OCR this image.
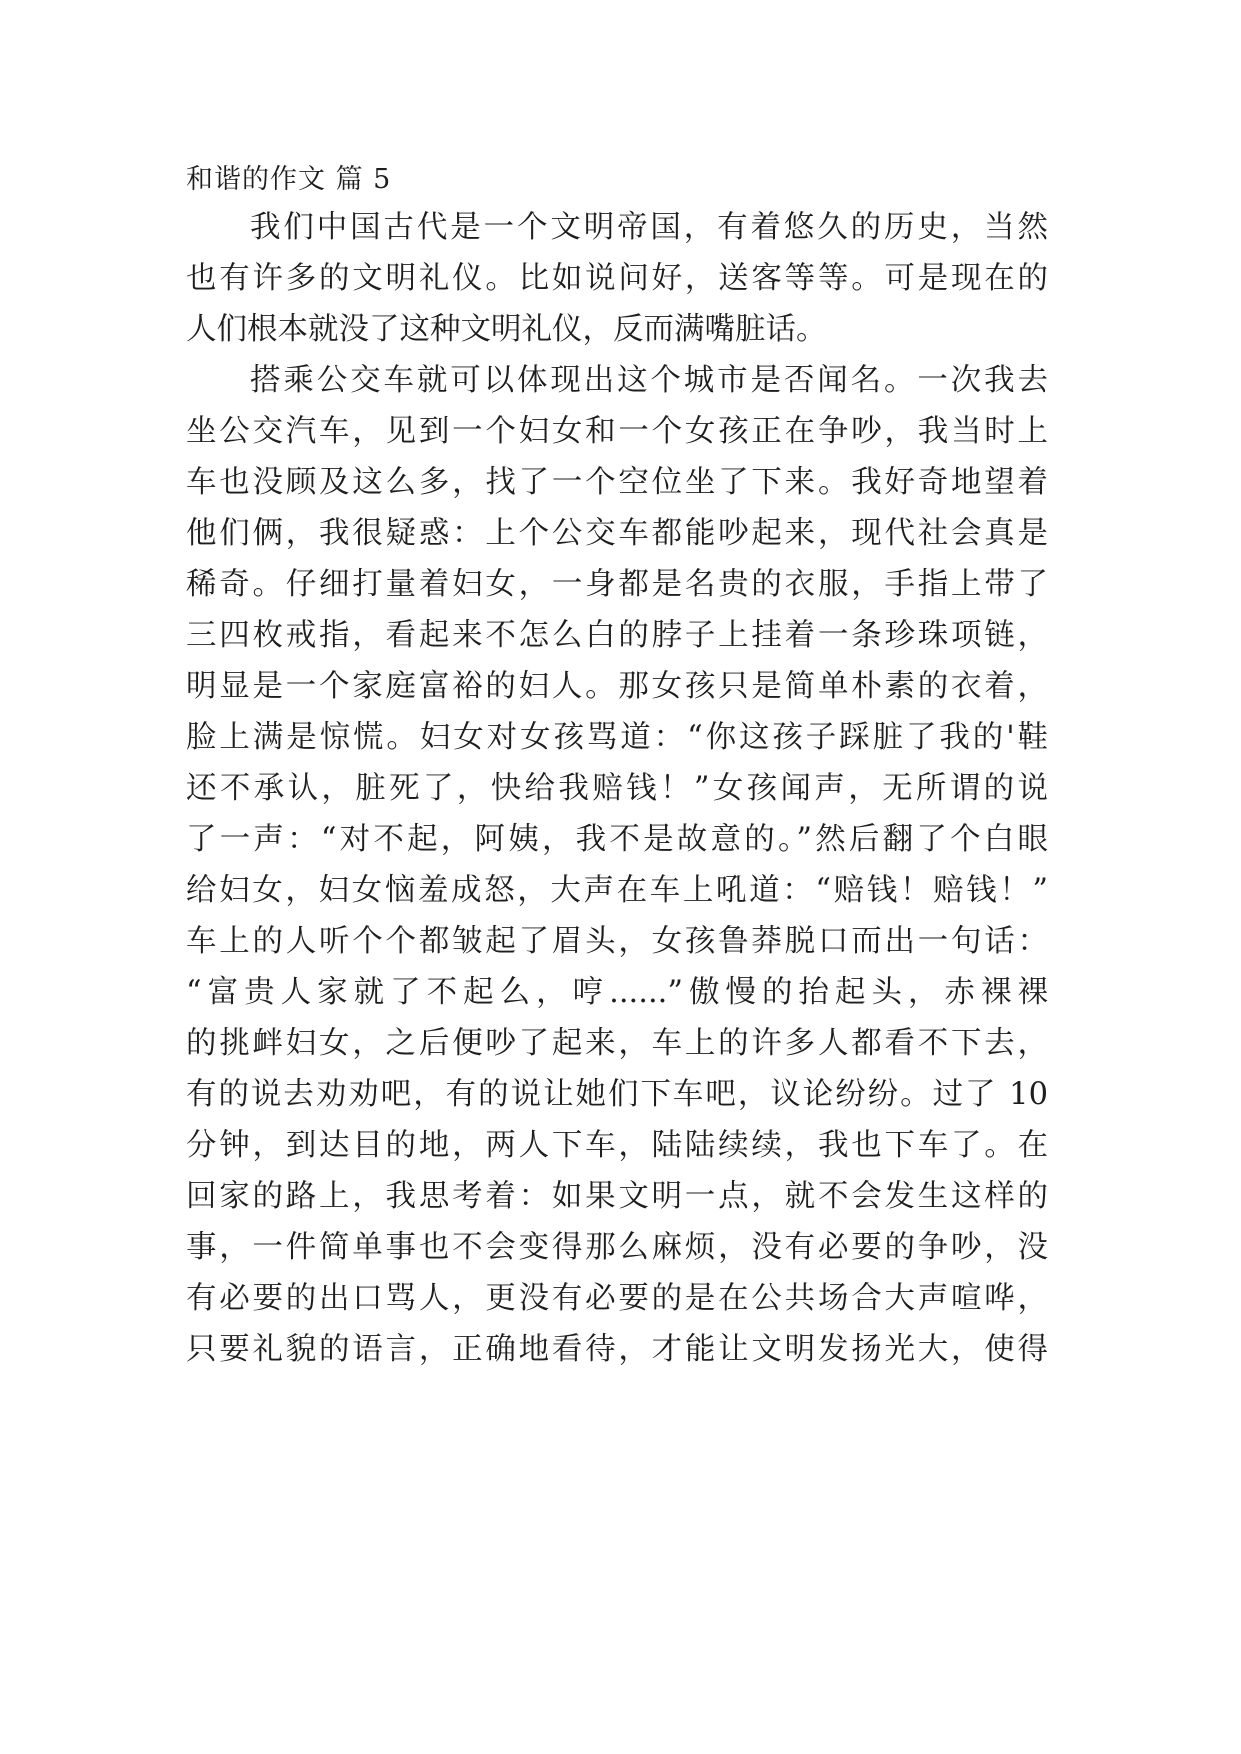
和谐的作文 篇 5
我们中国古代是一个文明帝国，有着悠久的历史，当然
也有许多的文明礼仪。比如说问好，送客等等。可是现在的
人们根本就没了这种文明礼仪，反而满嘴脏话。
搭乘公交车就可以体现出这个城市是否闻名。一次我去
坐公交汽车，见到一个妇女和一个女孩正在争吵，我当时上
车也没顾及这么多，找了一个空位坐了下来。我好奇地望着
他们俩，我很疑惑：上个公交车都能吵起来，现代社会真是
稀奇。仔细打量着妇女，一身都是名贵的衣服，手指上带了
三四枚戒指，看起来不怎么白的脖子上挂着一条珍珠项链，
明显是一个家庭富裕的妇人。那女孩只是简单朴素的衣着，
脸上满是惊慌。妇女对女孩骂道：“你这孩子踩脏了我的'鞋
还不承认，脏死了，快给我赔钱！”女孩闻声，无所谓的说
了一声：“对不起，阿姨，我不是故意的。”然后翻了个白眼
给妇女，妇女恼羞成怒，大声在车上吼道：“赔钱！赔钱！”
车上的人听个个都皱起了眉头，女孩鲁莽脱口而出一句话：
“富贵人家就了不起么，哼......”傲慢的抬起头，赤裸裸
的挑衅妇女，之后便吵了起来，车上的许多人都看不下去，
有的说去劝劝吧，有的说让她们下车吧，议论纷纷。过了 10
分钟，到达目的地，两人下车，陆陆续续，我也下车了。在
回家的路上，我思考着：如果文明一点，就不会发生这样的
事，一件简单事也不会变得那么麻烦，没有必要的争吵，没
有必要的出口骂人，更没有必要的是在公共场合大声喧哗，
只要礼貌的语言，正确地看待，才能让文明发扬光大，使得
